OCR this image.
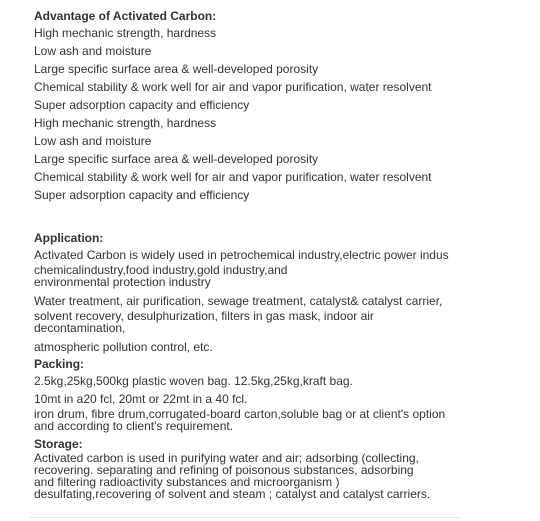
Advantage of Activated Carbon:

High mechanic strength, hardness

Low ash and moisture

Large specific surface area & well-developed porosity

Chemical stability & work well for air and vapor purification, water resolvent

Super adsorption capacity and efficiency

High mechanic strength, hardness

Low ash and moisture

Large specific surface area & well-developed porosity

Chemical stability & work well for air and vapor purification, water resolvent

Super adsorption capacity and efficiency

Application:

Activated Carbon is widely used in petrochemical industry,electric power indus

chemicalindustry,food industry,gold industry,and
environmental protection industry

Water treatment, air purification, sewage treatment, catalyst& catalyst carrier,

solvent recovery, desulphurization, filters in gas mask, indoor air
decontamination,

atmospheric pollution control, etc.

Packing:

2.5kg,25kg,500kg plastic woven bag. 12.5kg,25kg,kraft bag.

10mt in a20 fcl, 20mt or 22mt in a 40 fcl.

iron drum, fibre drum,corrugated-board carton,soluble bag or at client's option
and according to client's requirement.

Storage:

Activated carbon is used in purifying water and air; adsorbing (collecting,
recovering. separating and refining of poisonous substances, adsorbing
and filtering radioactivity substances and microorganism )
desulfating,recovering of solvent and steam ; catalyst and catalyst carriers.
